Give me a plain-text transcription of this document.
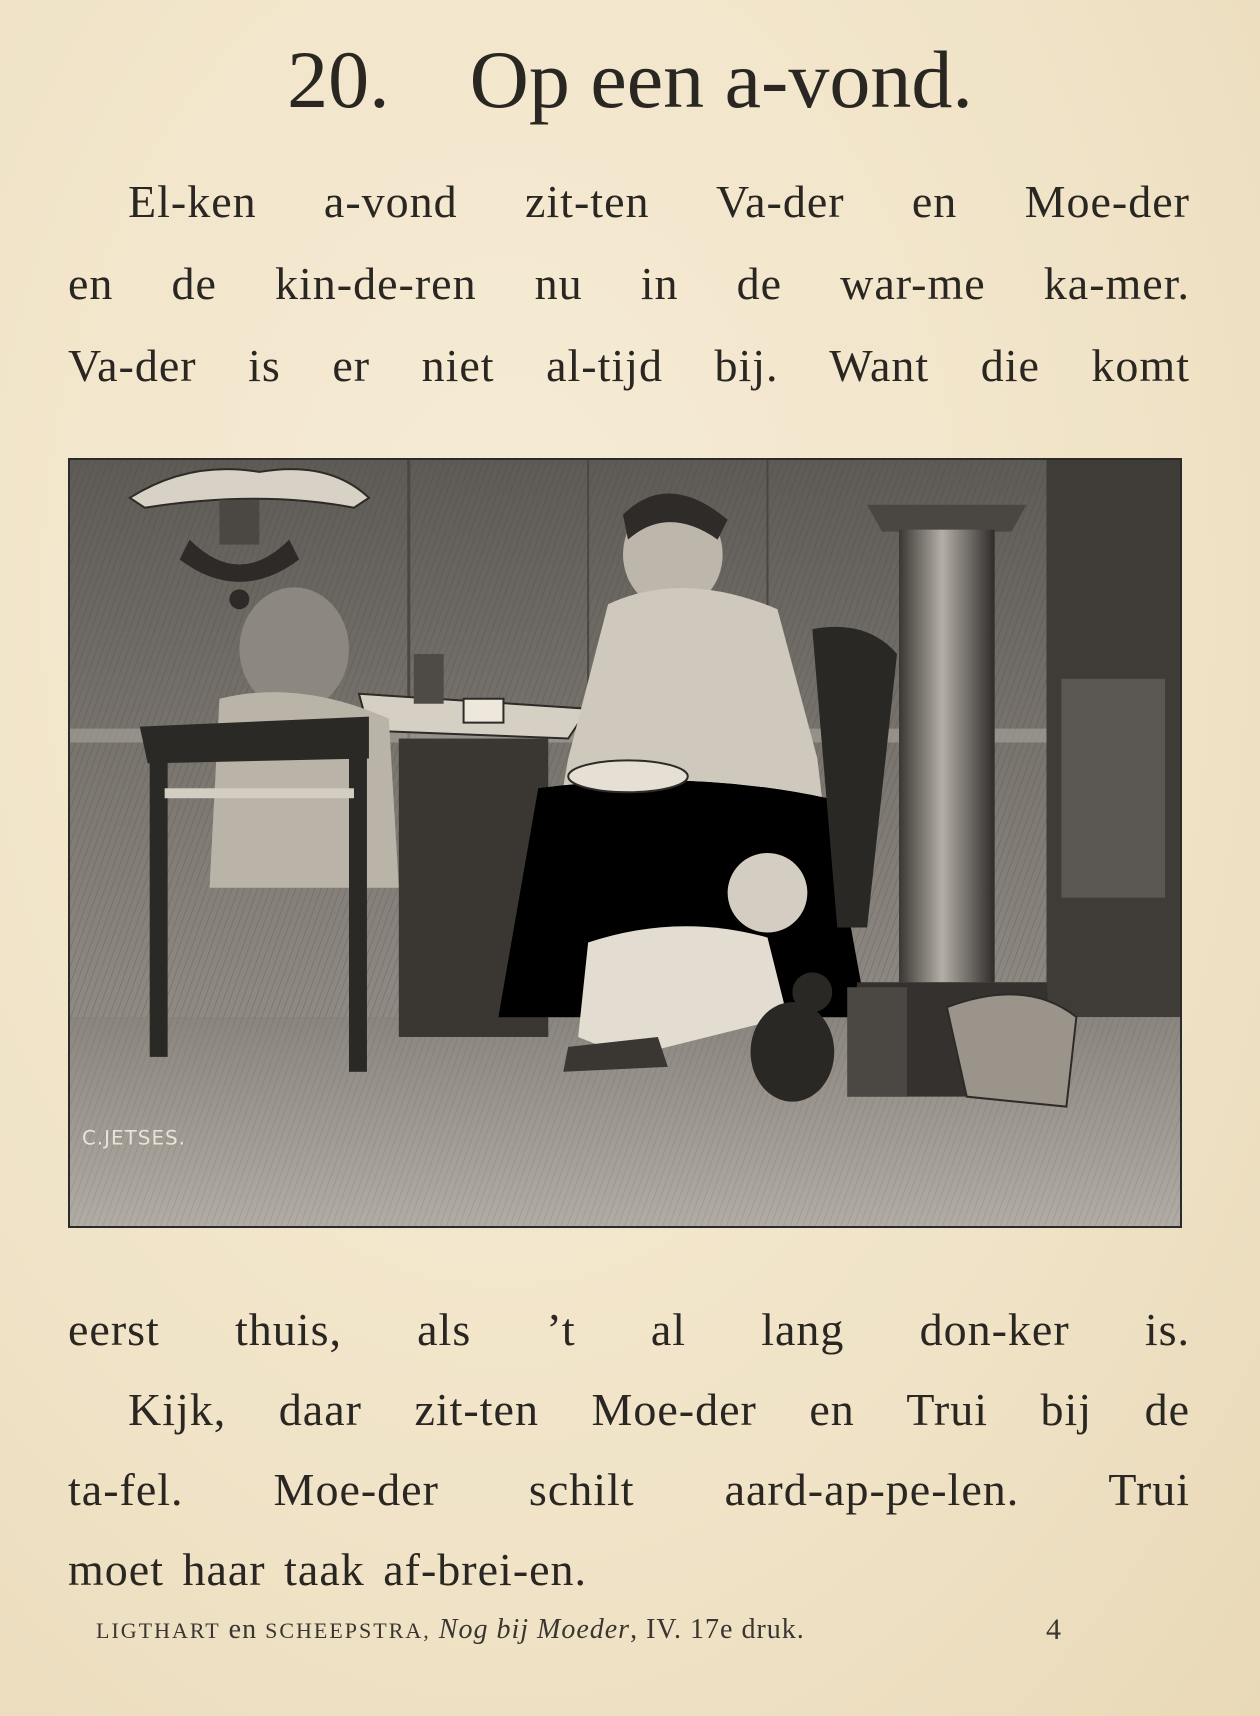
20. Op een a-vond.
El-ken a-vond zit-ten Va-der en Moe-der
en de kin-de-ren nu in de war-me ka-mer.
Va-der is er niet al-tijd bij. Want die komt
C.JETSES.
eerst thuis, als ’t al lang don-ker is.
Kijk, daar zit-ten Moe-der en Trui bij de
ta-fel. Moe-der schilt aard-ap-pe-len. Trui
moet haar taak af-brei-en.
LIGTHART en SCHEEPSTRA, Nog bij Moeder, IV. 17e druk.	4
